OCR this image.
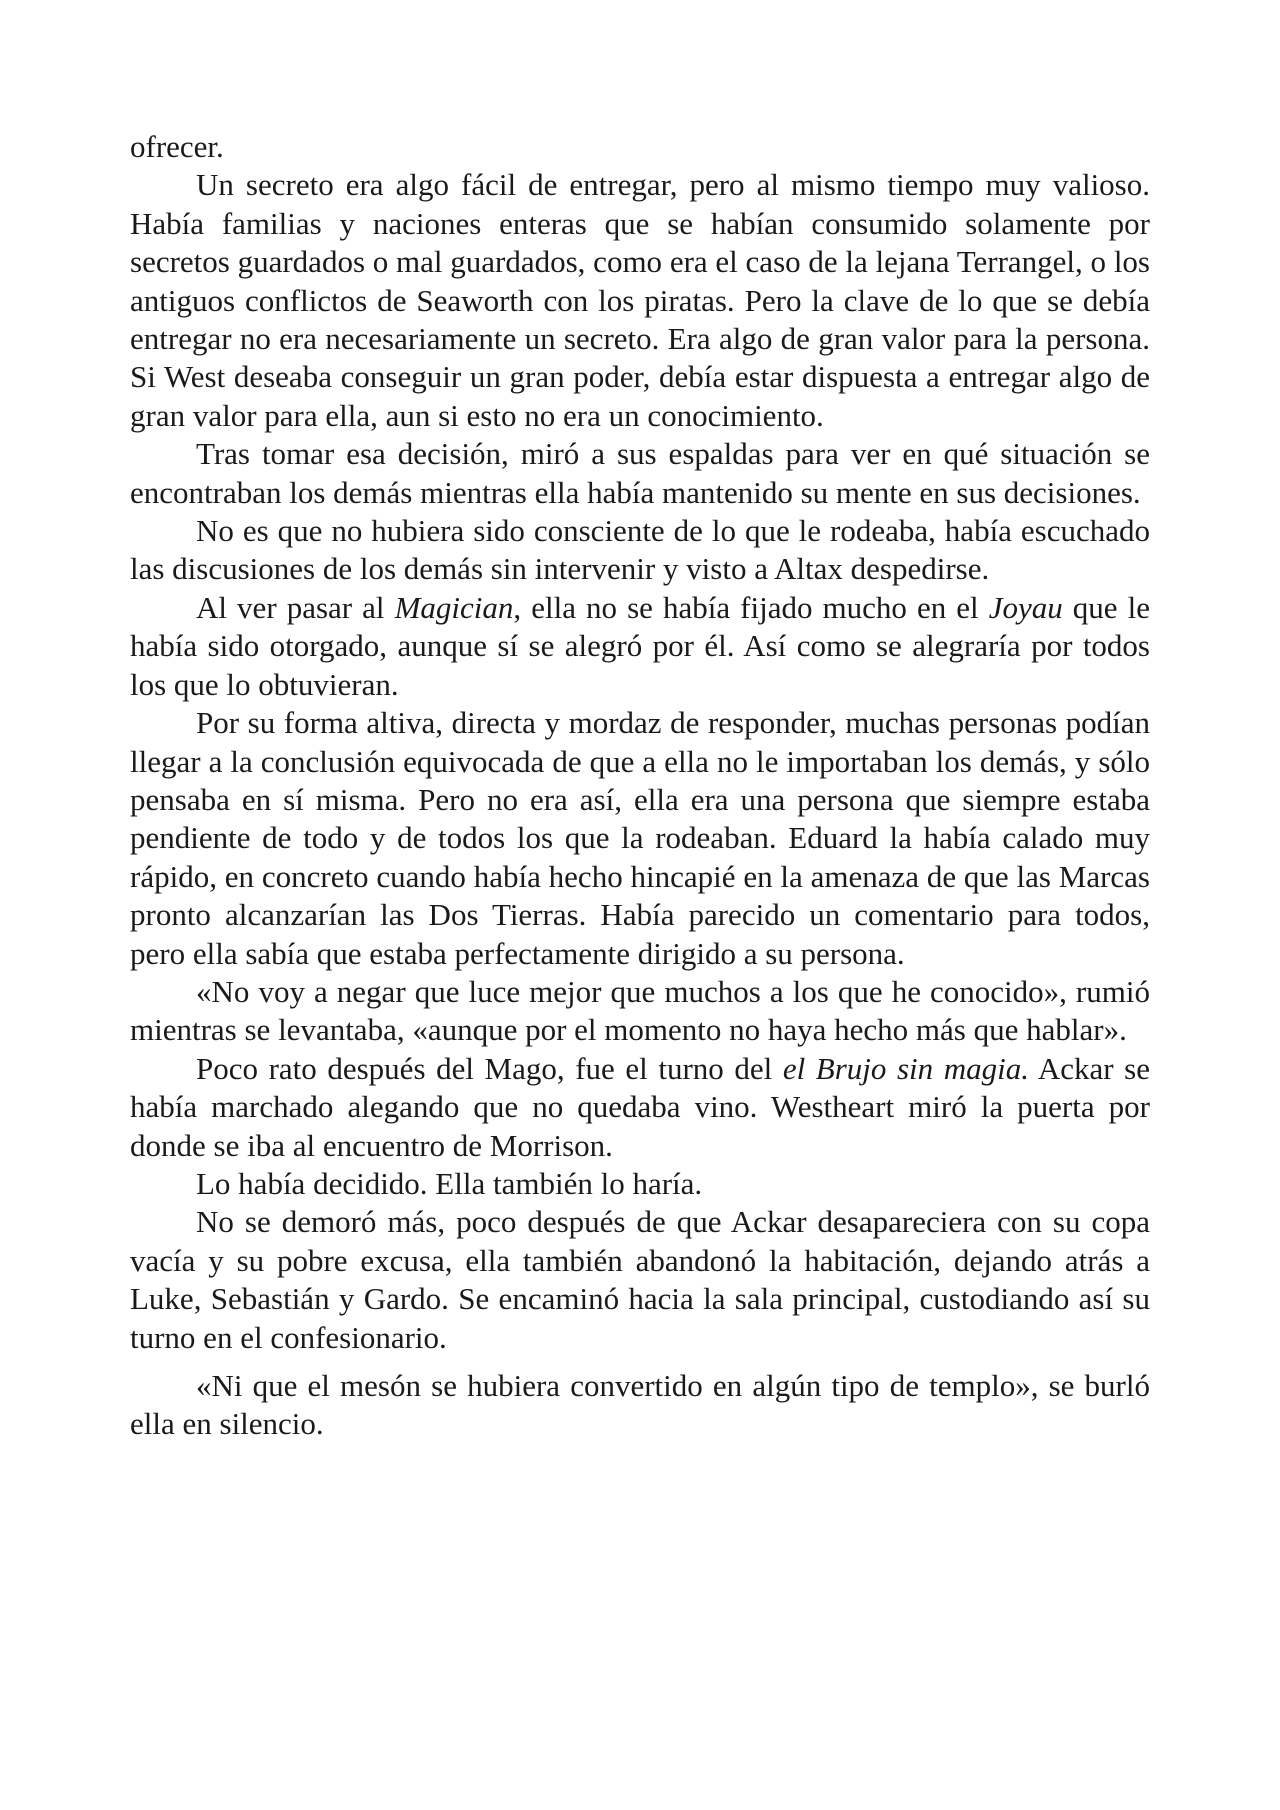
ofrecer.

Un secreto era algo fácil de entregar, pero al mismo tiempo muy valioso. Había familias y naciones enteras que se habían consumido solamente por secretos guardados o mal guardados, como era el caso de la lejana Terrangel, o los antiguos conflictos de Seaworth con los piratas. Pero la clave de lo que se debía entregar no era necesariamente un secreto. Era algo de gran valor para la persona. Si West deseaba conseguir un gran poder, debía estar dispuesta a entregar algo de gran valor para ella, aun si esto no era un conocimiento.

Tras tomar esa decisión, miró a sus espaldas para ver en qué situación se encontraban los demás mientras ella había mantenido su mente en sus decisiones.

No es que no hubiera sido consciente de lo que le rodeaba, había escuchado las discusiones de los demás sin intervenir y visto a Altax despedirse.

Al ver pasar al Magician, ella no se había fijado mucho en el Joyau que le había sido otorgado, aunque sí se alegró por él. Así como se alegraría por todos los que lo obtuvieran.

Por su forma altiva, directa y mordaz de responder, muchas personas podían llegar a la conclusión equivocada de que a ella no le importaban los demás, y sólo pensaba en sí misma. Pero no era así, ella era una persona que siempre estaba pendiente de todo y de todos los que la rodeaban. Eduard la había calado muy rápido, en concreto cuando había hecho hincapié en la amenaza de que las Marcas pronto alcanzarían las Dos Tierras. Había parecido un comentario para todos, pero ella sabía que estaba perfectamente dirigido a su persona.

«No voy a negar que luce mejor que muchos a los que he conocido», rumió mientras se levantaba, «aunque por el momento no haya hecho más que hablar».

Poco rato después del Mago, fue el turno del el Brujo sin magia. Ackar se había marchado alegando que no quedaba vino. Westheart miró la puerta por donde se iba al encuentro de Morrison.

Lo había decidido. Ella también lo haría.

No se demoró más, poco después de que Ackar desapareciera con su copa vacía y su pobre excusa, ella también abandonó la habitación, dejando atrás a Luke, Sebastián y Gardo. Se encaminó hacia la sala principal, custodiando así su turno en el confesionario.

«Ni que el mesón se hubiera convertido en algún tipo de templo», se burló ella en silencio.
